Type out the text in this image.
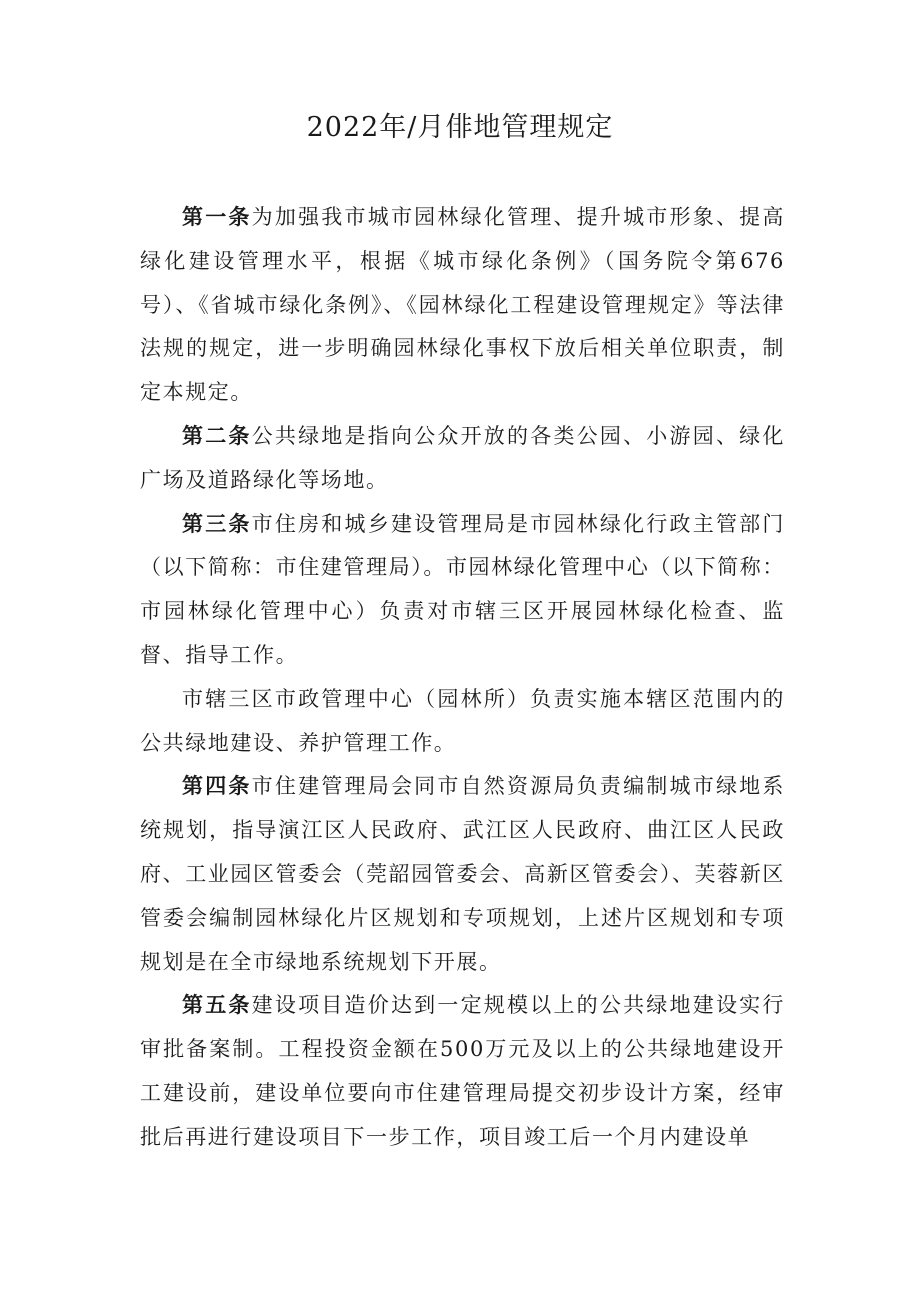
2022年/月俳地管理规定

第一条为加强我市城市园林绿化管理、提升城市形象、提高绿化建设管理水平，根据《城市绿化条例》（国务院令第676号）、《省城市绿化条例》、《园林绿化工程建设管理规定》等法律法规的规定，进一步明确园林绿化事权下放后相关单位职责，制定本规定。

第二条公共绿地是指向公众开放的各类公园、小游园、绿化广场及道路绿化等场地。

第三条市住房和城乡建设管理局是市园林绿化行政主管部门（以下简称：市住建管理局）。市园林绿化管理中心（以下简称：市园林绿化管理中心）负责对市辖三区开展园林绿化检查、监督、指导工作。

市辖三区市政管理中心（园林所）负责实施本辖区范围内的公共绿地建设、养护管理工作。

第四条市住建管理局会同市自然资源局负责编制城市绿地系统规划，指导演江区人民政府、武江区人民政府、曲江区人民政府、工业园区管委会（莞韶园管委会、高新区管委会）、芙蓉新区管委会编制园林绿化片区规划和专项规划，上述片区规划和专项规划是在全市绿地系统规划下开展。

第五条建设项目造价达到一定规模以上的公共绿地建设实行审批备案制。工程投资金额在500万元及以上的公共绿地建设开工建设前，建设单位要向市住建管理局提交初步设计方案，经审批后再进行建设项目下一步工作，项目竣工后一个月内建设单
